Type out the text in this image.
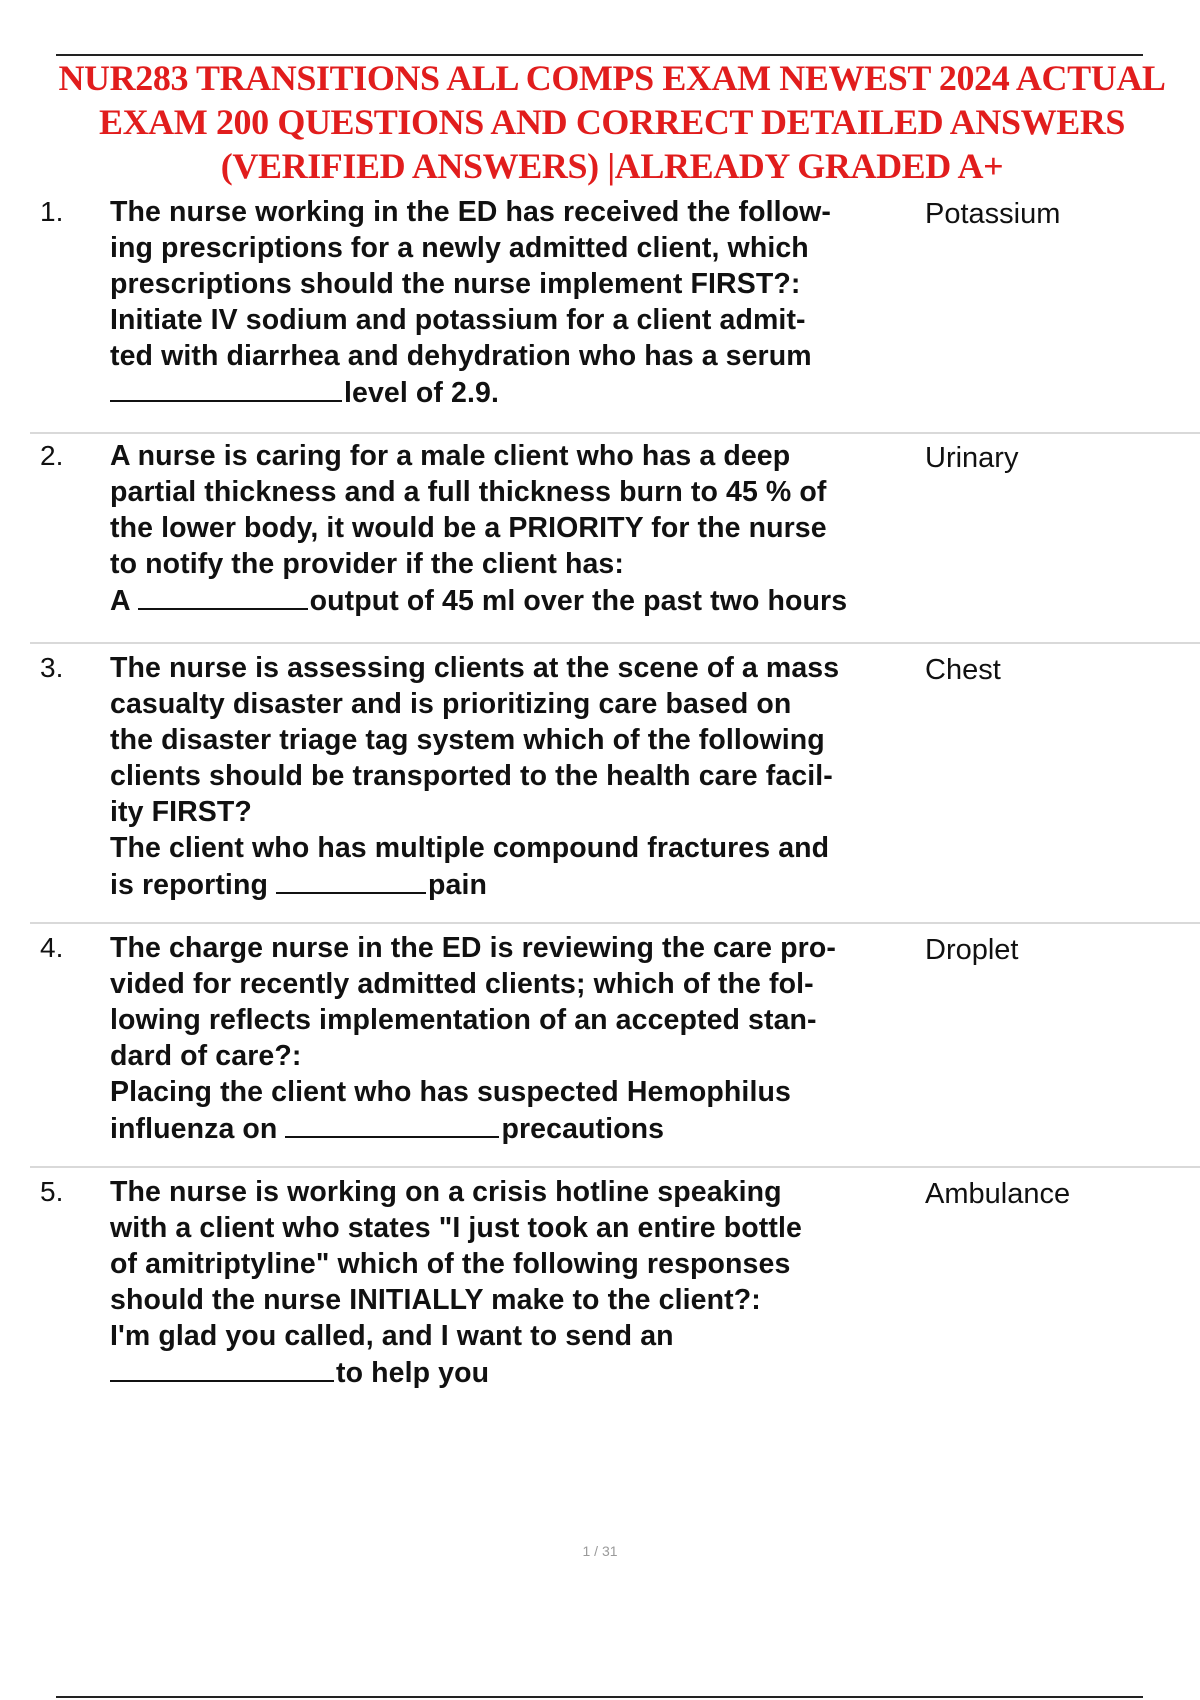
NUR283 TRANSITIONS ALL COMPS EXAM NEWEST 2024 ACTUAL
EXAM 200 QUESTIONS AND CORRECT DETAILED ANSWERS
(VERIFIED ANSWERS) |ALREADY GRADED A+
1. The nurse working in the ED has received the follow-
ing prescriptions for a newly admitted client, which
prescriptions should the nurse implement FIRST?:
Initiate IV sodium and potassium for a client admit-
ted with diarrhea and dehydration who has a serum
level of 2.9.
Potassium
2. A nurse is caring for a male client who has a deep
partial thickness and a full thickness burn to 45 % of
the lower body, it would be a PRIORITY for the nurse
to notify the provider if the client has:
A	output of 45 ml over the past two hours
Urinary
3. The nurse is assessing clients at the scene of a mass
casualty disaster and is prioritizing care based on
the disaster triage tag system which of the following
clients should be transported to the health care facil-
ity FIRST?
The client who has multiple compound fractures and
is reporting	pain
Chest
4. The charge nurse in the ED is reviewing the care pro-
vided for recently admitted clients; which of the fol-
lowing reflects implementation of an accepted stan-
dard of care?:
Placing the client who has suspected Hemophilus
influenza on	precautions
Droplet
5. The nurse is working on a crisis hotline speaking
with a client who states "I just took an entire bottle
of amitriptyline" which of the following responses
should the nurse INITIALLY make to the client?:
I'm glad you called, and I want to send an
to help you
Ambulance
1 / 31
